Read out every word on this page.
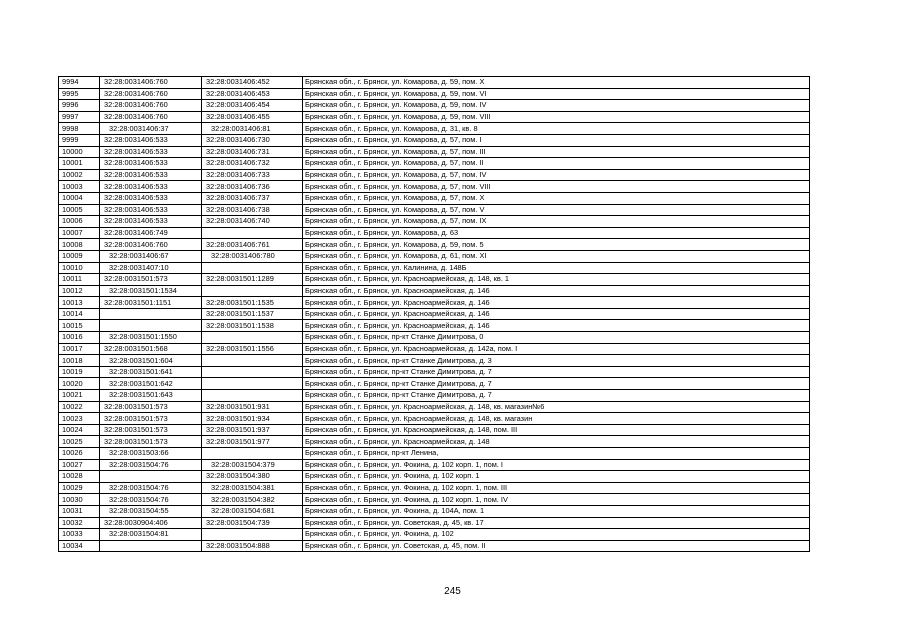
9994	32:28:0031406:760	32:28:0031406:452	Брянская обл., г. Брянск, ул. Комарова, д. 59, пом. X
9995	32:28:0031406:760	32:28:0031406:453	Брянская обл., г. Брянск, ул. Комарова, д. 59, пом. VI
9996	32:28:0031406:760	32:28:0031406:454	Брянская обл., г. Брянск, ул. Комарова, д. 59, пом. IV
9997	32:28:0031406:760	32:28:0031406:455	Брянская обл., г. Брянск, ул. Комарова, д. 59, пом. VIII
9998	32:28:0031406:37	32:28:0031406:81	Брянская обл., г. Брянск, ул. Комарова, д. 31, кв. 8
9999	32:28:0031406:533	32:28:0031406:730	Брянская обл., г. Брянск, ул. Комарова, д. 57, пом. I
10000	32:28:0031406:533	32:28:0031406:731	Брянская обл., г. Брянск, ул. Комарова, д. 57, пом. III
10001	32:28:0031406:533	32:28:0031406:732	Брянская обл., г. Брянск, ул. Комарова, д. 57, пом. II
10002	32:28:0031406:533	32:28:0031406:733	Брянская обл., г. Брянск, ул. Комарова, д. 57, пом. IV
10003	32:28:0031406:533	32:28:0031406:736	Брянская обл., г. Брянск, ул. Комарова, д. 57, пом. VIII
10004	32:28:0031406:533	32:28:0031406:737	Брянская обл., г. Брянск, ул. Комарова, д. 57, пом. X
10005	32:28:0031406:533	32:28:0031406:738	Брянская обл., г. Брянск, ул. Комарова, д. 57, пом. V
10006	32:28:0031406:533	32:28:0031406:740	Брянская обл., г. Брянск, ул. Комарова, д. 57, пом. IX
10007	32:28:0031406:749		Брянская обл., г. Брянск, ул. Комарова, д. 63
10008	32:28:0031406:760	32:28:0031406:761	Брянская обл., г. Брянск, ул. Комарова, д. 59, пом. 5
10009	32:28:0031406:67	32:28:0031406:780	Брянская обл., г. Брянск, ул. Комарова, д. 61, пом. XI
10010	32:28:0031407:10		Брянская обл., г. Брянск, ул. Калинина, д. 148Б
10011	32:28:0031501:573	32:28:0031501:1289	Брянская обл., г. Брянск, ул. Красноармейская, д. 148, кв. 1
10012	32:28:0031501:1534		Брянская обл., г. Брянск, ул. Красноармейская, д. 146
10013	32:28:0031501:1151	32:28:0031501:1535	Брянская обл., г. Брянск, ул. Красноармейская, д. 146
10014		32:28:0031501:1537	Брянская обл., г. Брянск, ул. Красноармейская, д. 146
10015		32:28:0031501:1538	Брянская обл., г. Брянск, ул. Красноармейская, д. 146
10016	32:28:0031501:1550		Брянская обл., г. Брянск, пр-кт Станке Димитрова, 0
10017	32:28:0031501:568	32:28:0031501:1556	Брянская обл., г. Брянск, ул. Красноармейская, д. 142а, пом. I
10018	32:28:0031501:604		Брянская обл., г. Брянск, пр-кт Станке Димитрова, д. 3
10019	32:28:0031501:641		Брянская обл., г. Брянск, пр-кт Станке Димитрова, д. 7
10020	32:28:0031501:642		Брянская обл., г. Брянск, пр-кт Станке Димитрова, д. 7
10021	32:28:0031501:643		Брянская обл., г. Брянск, пр-кт Станке Димитрова, д. 7
10022	32:28:0031501:573	32:28:0031501:931	Брянская обл., г. Брянск, ул. Красноармейская, д. 148, кв. магазин№6
10023	32:28:0031501:573	32:28:0031501:934	Брянская обл., г. Брянск, ул. Красноармейская, д. 148, кв. магазин
10024	32:28:0031501:573	32:28:0031501:937	Брянская обл., г. Брянск, ул. Красноармейская, д. 148, пом. III
10025	32:28:0031501:573	32:28:0031501:977	Брянская обл., г. Брянск, ул. Красноармейская, д. 148
10026	32:28:0031503:66		Брянская обл., г. Брянск, пр-кт Ленина,
10027	32:28:0031504:76	32:28:0031504:379	Брянская обл., г. Брянск, ул. Фокина, д. 102 корп. 1, пом. I
10028		32:28:0031504:380	Брянская обл., г. Брянск, ул. Фокина, д. 102 корп. 1
10029	32:28:0031504:76	32:28:0031504:381	Брянская обл., г. Брянск, ул. Фокина, д. 102 корп. 1, пом. III
10030	32:28:0031504:76	32:28:0031504:382	Брянская обл., г. Брянск, ул. Фокина, д. 102 корп. 1, пом. IV
10031	32:28:0031504:55	32:28:0031504:681	Брянская обл., г. Брянск, ул. Фокина, д. 104А, пом. 1
10032	32:28:0030904:406	32:28:0031504:739	Брянская обл., г. Брянск, ул. Советская, д. 45, кв. 17
10033	32:28:0031504:81		Брянская обл., г. Брянск, ул. Фокина, д. 102
10034		32:28:0031504:888	Брянская обл., г. Брянск, ул. Советская, д. 45, пом. II
245
